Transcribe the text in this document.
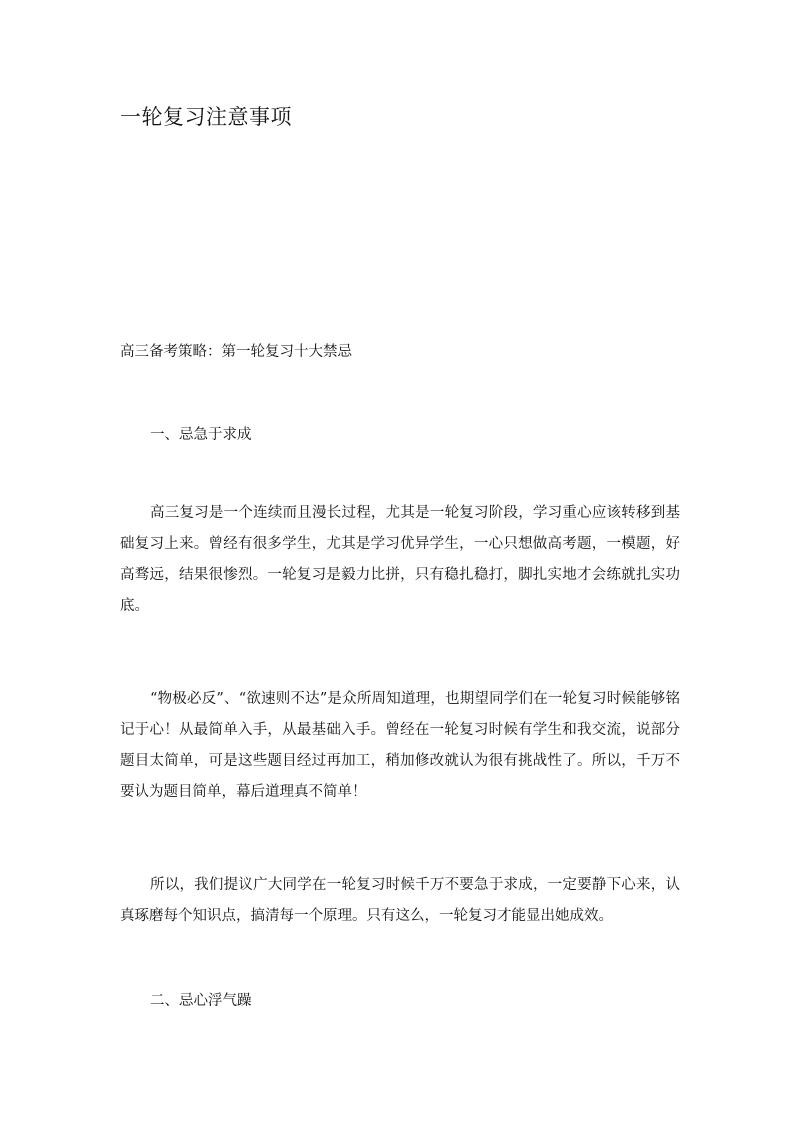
一轮复习注意事项

高三备考策略：第一轮复习十大禁忌

一、忌急于求成

高三复习是一个连续而且漫长过程，尤其是一轮复习阶段，学习重心应该转移到基础复习上来。曾经有很多学生，尤其是学习优异学生，一心只想做高考题，一模题，好高骛远，结果很惨烈。一轮复习是毅力比拼，只有稳扎稳打，脚扎实地才会练就扎实功底。

“物极必反”、“欲速则不达”是众所周知道理，也期望同学们在一轮复习时候能够铭记于心！从最简单入手，从最基础入手。曾经在一轮复习时候有学生和我交流，说部分题目太简单，可是这些题目经过再加工，稍加修改就认为很有挑战性了。所以，千万不要认为题目简单，幕后道理真不简单！

所以，我们提议广大同学在一轮复习时候千万不要急于求成，一定要静下心来，认真琢磨每个知识点，搞清每一个原理。只有这么，一轮复习才能显出她成效。

二、忌心浮气躁
